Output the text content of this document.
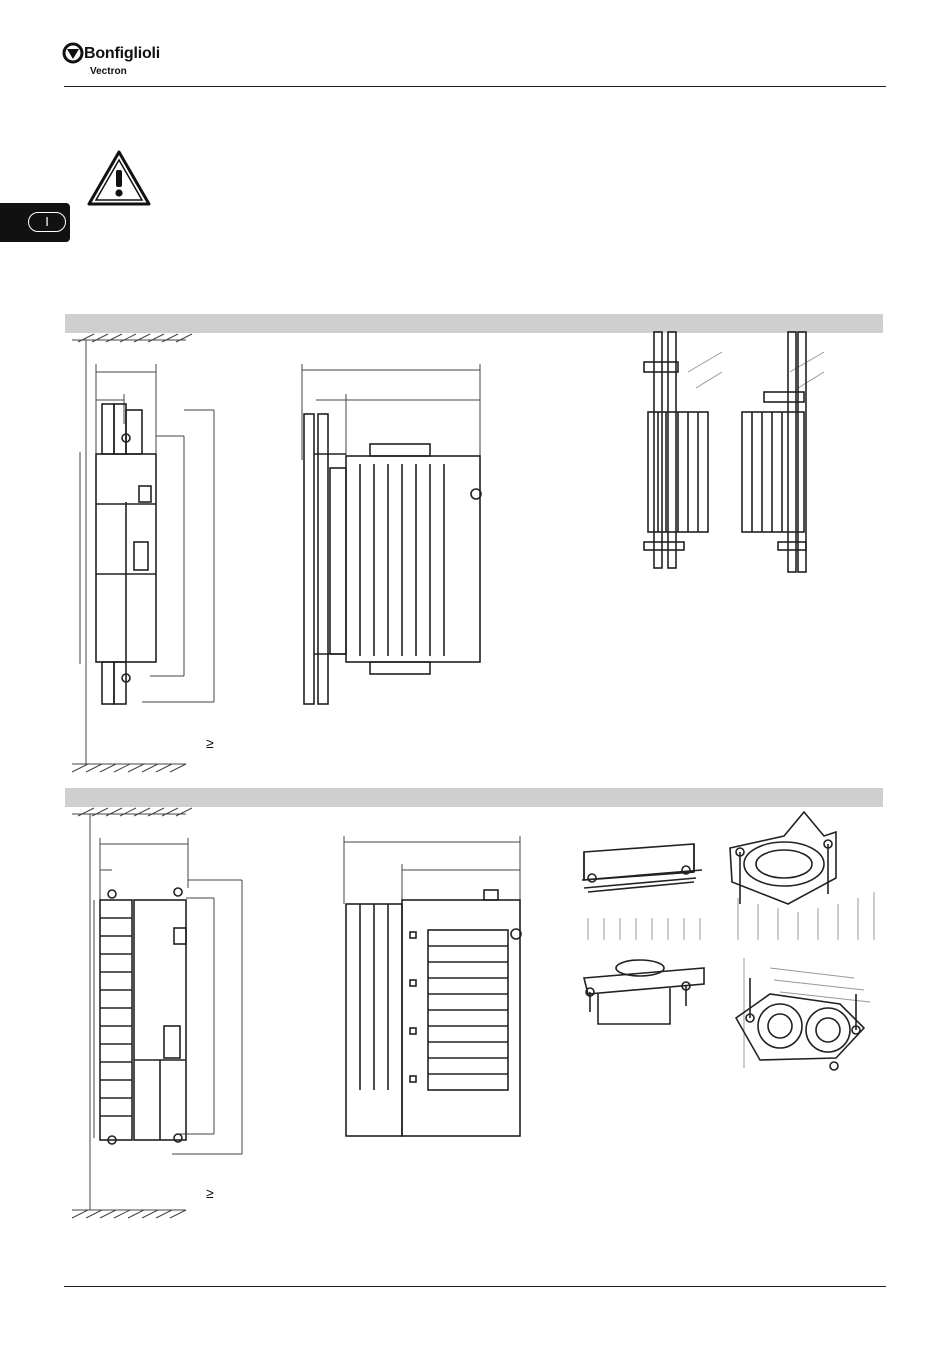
Bonfiglioli
Vectron
I
≥
≥
